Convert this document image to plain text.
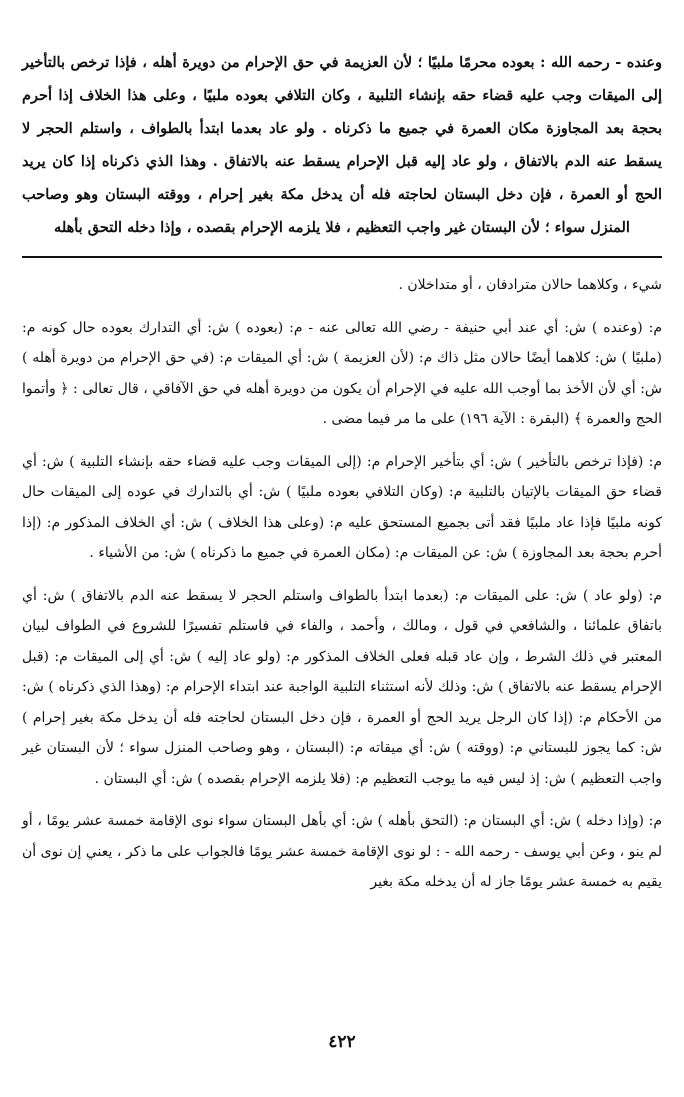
وعنده - رحمه الله : بعوده محرمًا ملبيًا ؛ لأن العزيمة في حق الإحرام من دويرة أهله ، فإذا ترخص بالتأخير إلى الميقات وجب عليه قضاء حقه بإنشاء التلبية ، وكان التلافي بعوده ملبيًا ، وعلى هذا الخلاف إذا أحرم بحجة بعد المجاوزة مكان العمرة في جميع ما ذكرناه . ولو عاد بعدما ابتدأ بالطواف ، واستلم الحجر لا يسقط عنه الدم بالاتفاق ، ولو عاد إليه قبل الإحرام يسقط عنه بالاتفاق . وهذا الذي ذكرناه إذا كان يريد الحج أو العمرة ، فإن دخل البستان لحاجته فله أن يدخل مكة بغير إحرام ، ووقته البستان وهو وصاحب المنزل سواء ؛ لأن البستان غير واجب التعظيم ، فلا يلزمه الإحرام بقصده ، وإذا دخله التحق بأهله

شيء ، وكلاهما حالان مترادفان ، أو متداخلان .

م: (وعنده ) ش: أي عند أبي حنيفة - رضي الله تعالى عنه - م: (بعوده ) ش: أي التدارك بعوده حال كونه م: (ملبيًا ) ش: كلاهما أيضًا حالان مثل ذاك م: (لأن العزيمة ) ش: أي الميقات م: (في حق الإحرام من دويرة أهله ) ش: أي لأن الأخذ بما أوجب الله عليه في الإحرام أن يكون من دويرة أهله في حق الآفاقي ، قال تعالى : ﴿ وأتموا الحج والعمرة ﴾ (البقرة : الآية ١٩٦) على ما مر فيما مضى .

م: (فإذا ترخص بالتأخير ) ش: أي بتأخير الإحرام م: (إلى الميقات وجب عليه قضاء حقه بإنشاء التلبية ) ش: أي قضاء حق الميقات بالإتيان بالتلبية م: (وكان التلافي بعوده ملبيًا ) ش: أي بالتدارك في عوده إلى الميقات حال كونه ملبيًا فإذا عاد ملبيًا فقد أتى بجميع المستحق عليه م: (وعلى هذا الخلاف ) ش: أي الخلاف المذكور م: (إذا أحرم بحجة بعد المجاوزة ) ش: عن الميقات م: (مكان العمرة في جميع ما ذكرناه ) ش: من الأشياء .

م: (ولو عاد ) ش: على الميقات م: (بعدما ابتدأ بالطواف واستلم الحجر لا يسقط عنه الدم بالاتفاق ) ش: أي باتفاق علمائنا ، والشافعي في قول ، ومالك ، وأحمد ، والفاء في فاستلم تفسيرًا للشروع في الطواف لبيان المعتبر في ذلك الشرط ، وإن عاد قبله فعلى الخلاف المذكور م: (ولو عاد إليه ) ش: أي إلى الميقات م: (قبل الإحرام يسقط عنه بالاتفاق ) ش: وذلك لأنه استثناء التلبية الواجبة عند ابتداء الإحرام م: (وهذا الذي ذكرناه ) ش: من الأحكام م: (إذا كان الرجل يريد الحج أو العمرة ، فإن دخل البستان لحاجته فله أن يدخل مكة بغير إحرام ) ش: كما يجوز للبستاني م: (ووقته ) ش: أي ميقاته م: (البستان ، وهو وصاحب المنزل سواء ؛ لأن البستان غير واجب التعظيم ) ش: إذ ليس فيه ما يوجب التعظيم م: (فلا يلزمه الإحرام بقصده ) ش: أي البستان .

م: (وإذا دخله ) ش: أي البستان م: (التحق بأهله ) ش: أي بأهل البستان سواء نوى الإقامة خمسة عشر يومًا ، أو لم ينو ، وعن أبي يوسف - رحمه الله - : لو نوى الإقامة خمسة عشر يومًا فالجواب على ما ذكر ، يعني إن نوى أن يقيم به خمسة عشر يومًا جاز له أن يدخله مكة بغير

٤٢٢
